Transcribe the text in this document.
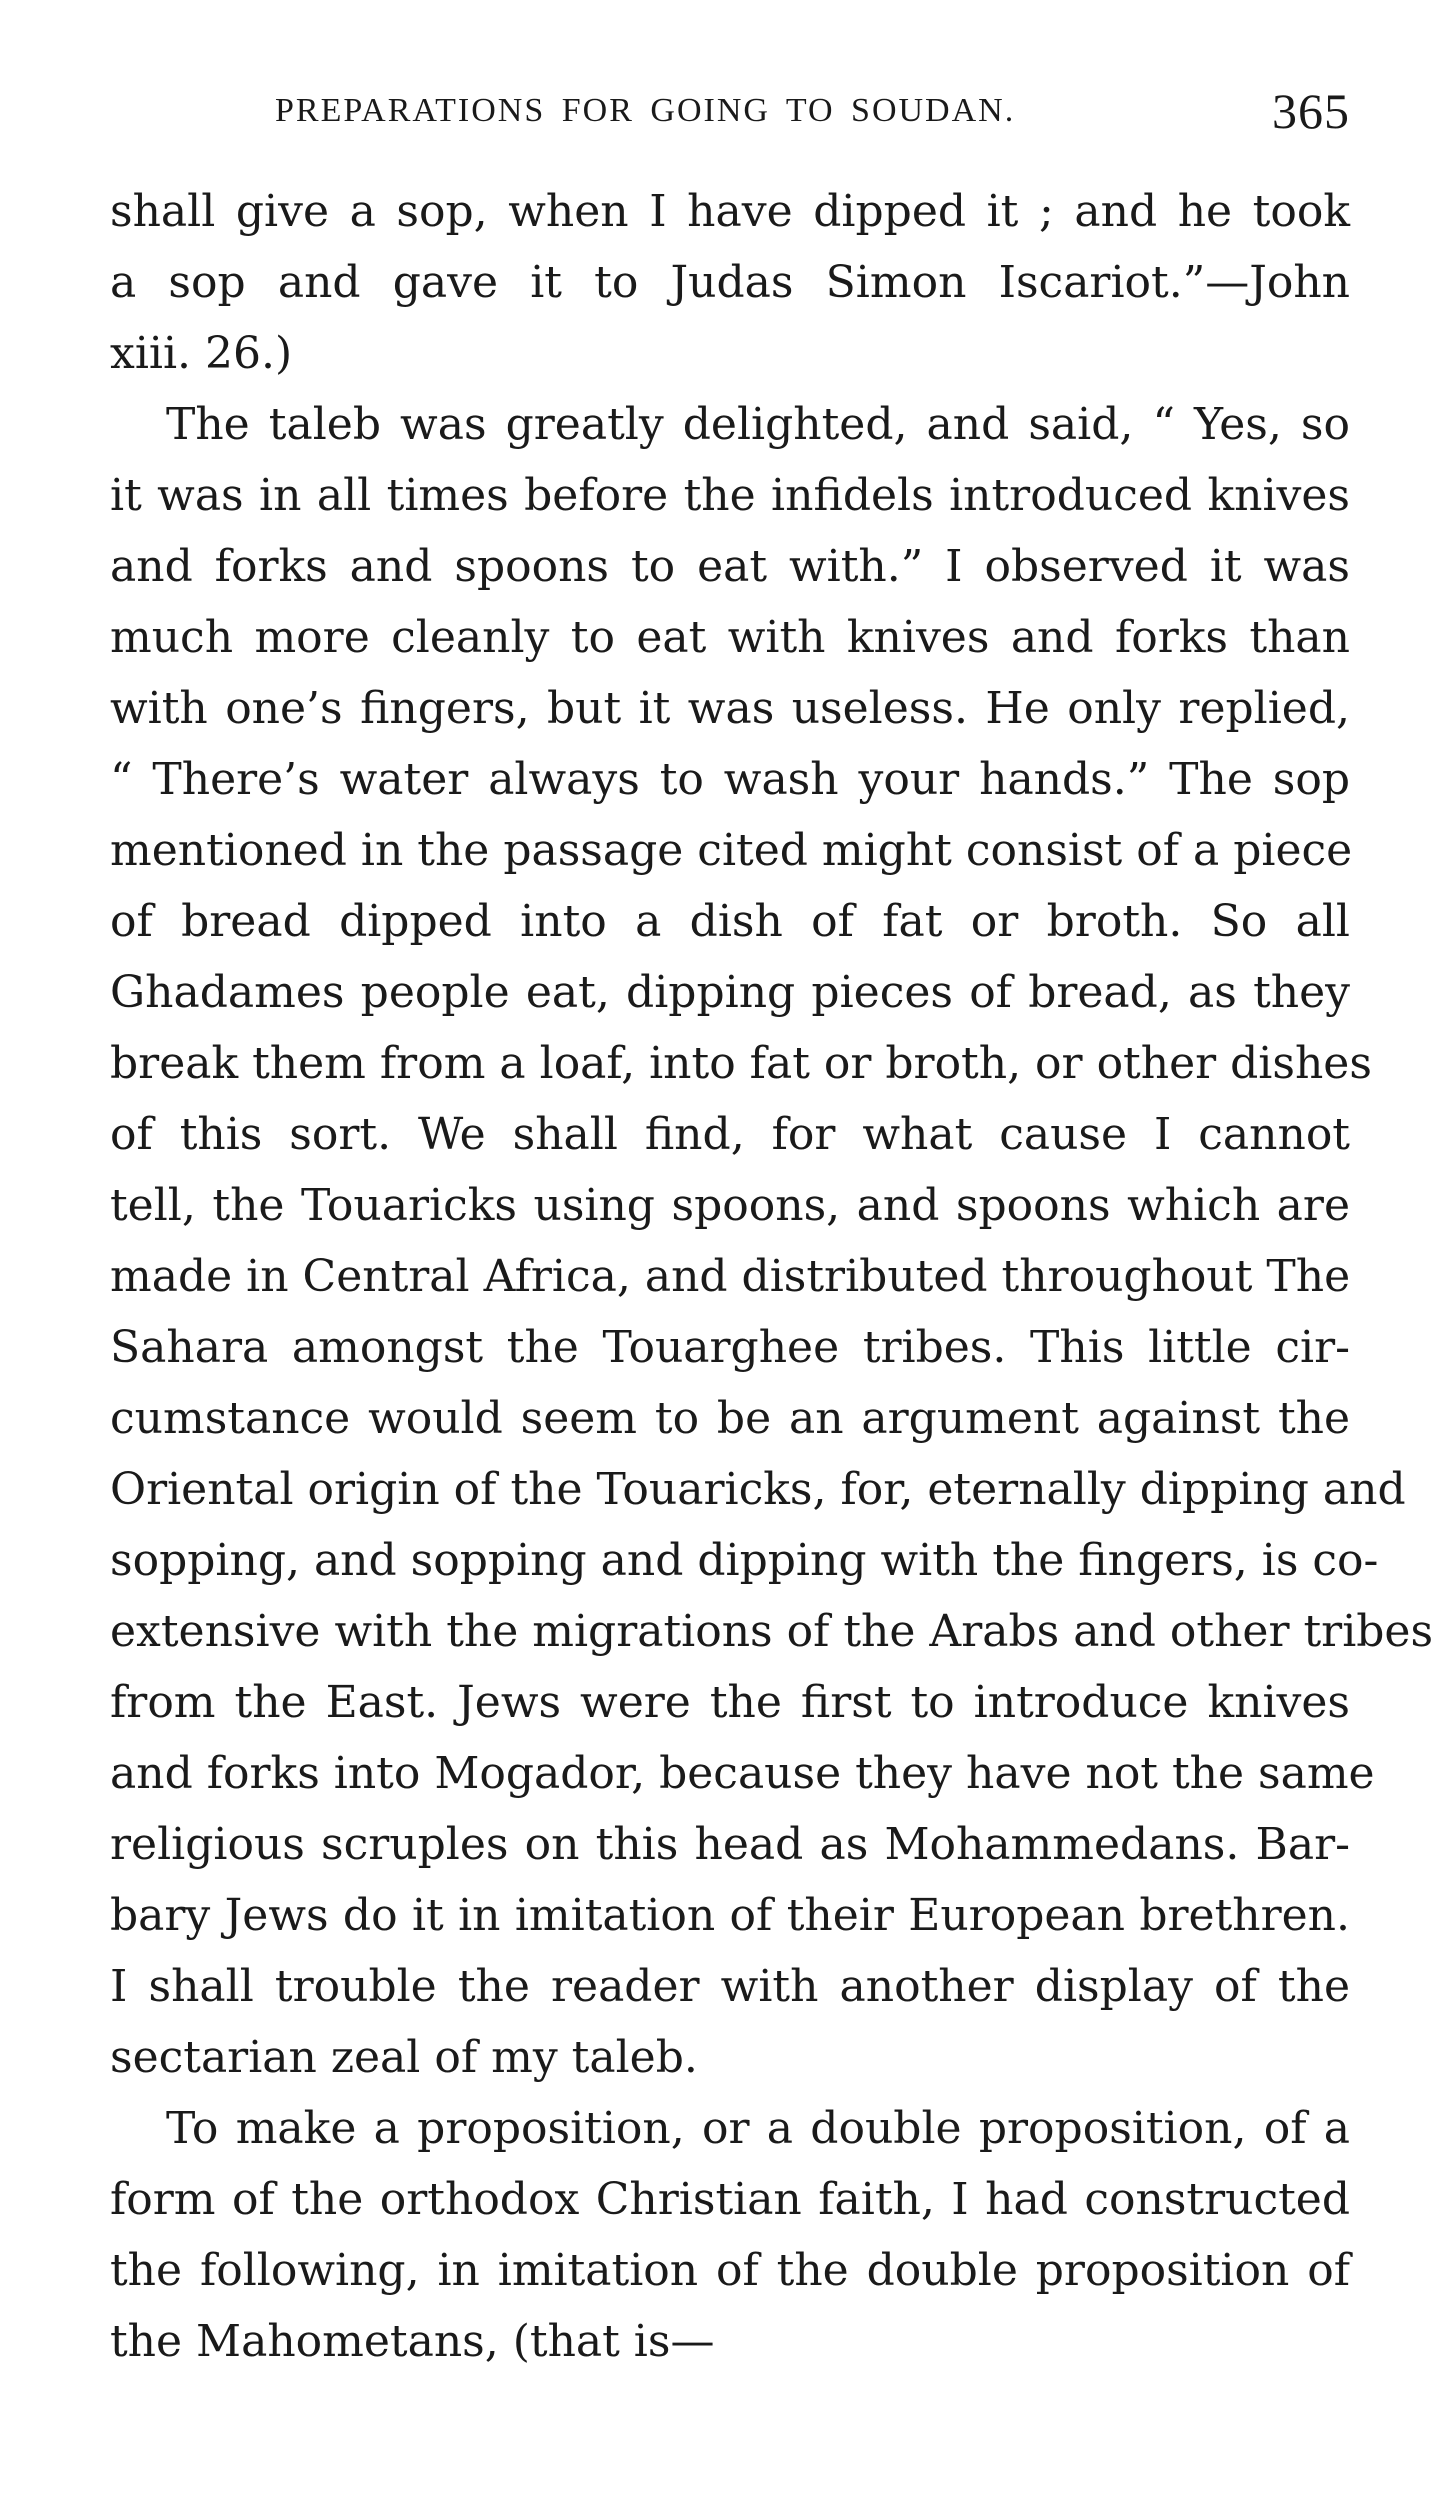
PREPARATIONS FOR GOING TO SOUDAN.	365

shall give a sop, when I have dipped it ; and he took
a sop and gave it to Judas Simon Iscariot.”—John
xiii. 26.)

The taleb was greatly delighted, and said, “ Yes, so
it was in all times before the infidels introduced knives
and forks and spoons to eat with.” I observed it was
much more cleanly to eat with knives and forks than
with one’s fingers, but it was useless. He only replied,
“ There’s water always to wash your hands.” The sop
mentioned in the passage cited might consist of a piece
of bread dipped into a dish of fat or broth. So all
Ghadames people eat, dipping pieces of bread, as they
break them from a loaf, into fat or broth, or other dishes
of this sort. We shall find, for what cause I cannot
tell, the Touaricks using spoons, and spoons which are
made in Central Africa, and distributed throughout The
Sahara amongst the Touarghee tribes. This little cir-
cumstance would seem to be an argument against the
Oriental origin of the Touaricks, for, eternally dipping and
sopping, and sopping and dipping with the fingers, is co-
extensive with the migrations of the Arabs and other tribes
from the East. Jews were the first to introduce knives
and forks into Mogador, because they have not the same
religious scruples on this head as Mohammedans. Bar-
bary Jews do it in imitation of their European brethren.
I shall trouble the reader with another display of the
sectarian zeal of my taleb.

To make a proposition, or a double proposition, of a
form of the orthodox Christian faith, I had constructed
the following, in imitation of the double proposition of
the Mahometans, (that is—
